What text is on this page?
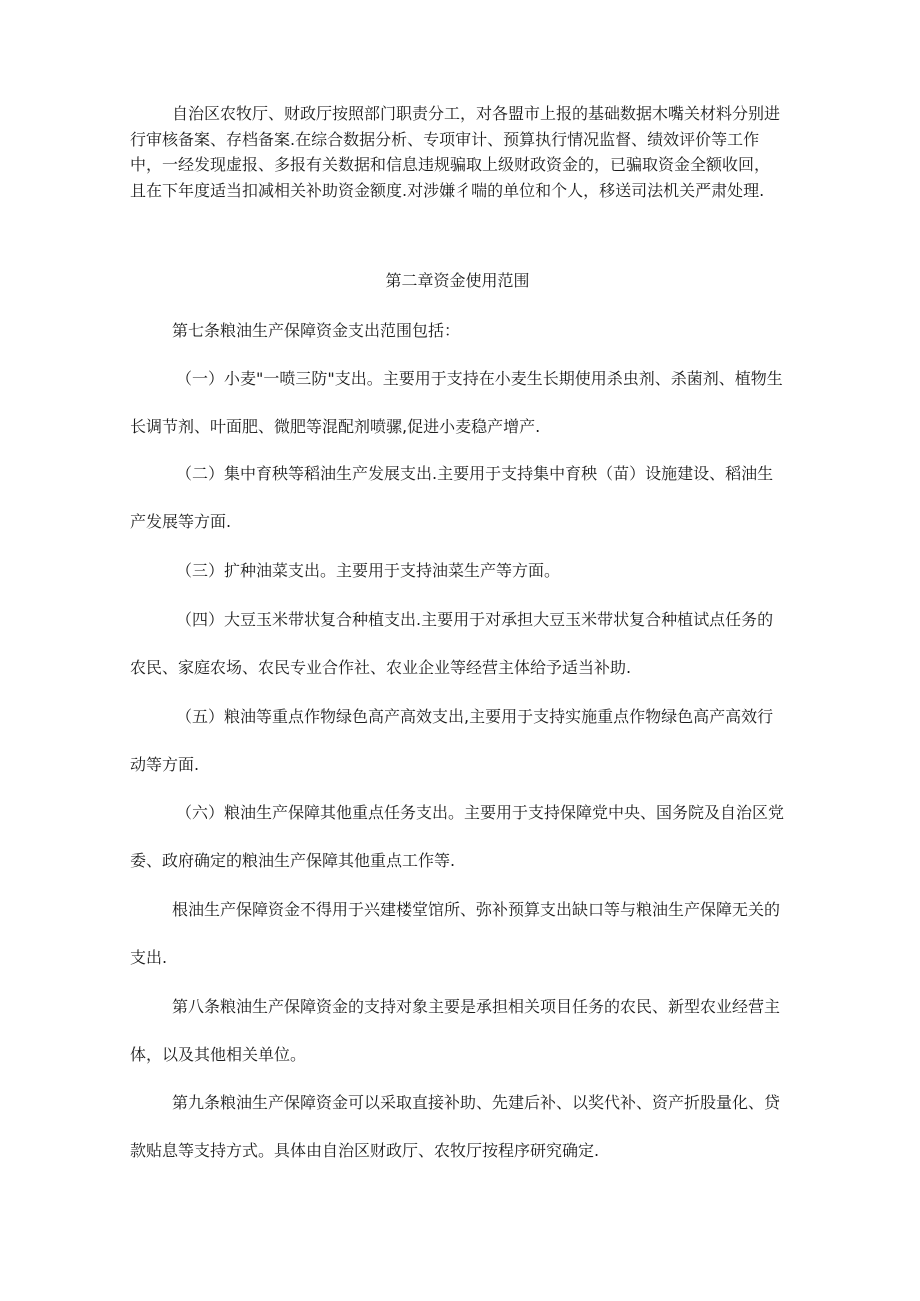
自治区农牧厅、财政厅按照部门职责分工，对各盟市上报的基础数据木嘴关材料分别进行审核备案、存档备案.在综合数据分析、专项审计、预算执行情况监督、绩效评价等工作中，一经发现虚报、多报有关数据和信息违规骗取上级财政资金的，已骗取资金全额收回，且在下年度适当扣减相关补助资金额度.对涉嫌彳喘的单位和个人，移送司法机关严肃处理.

第二章资金使用范围

第七条粮油生产保障资金支出范围包括：

（一）小麦"一喷三防"支出。主要用于支持在小麦生长期使用杀虫剂、杀菌剂、植物生长调节剂、叶面肥、微肥等混配剂喷骡,促进小麦稳产增产.

（二）集中育秧等稻油生产发展支出.主要用于支持集中育秧（苗）设施建设、稻油生产发展等方面.

（三）扩种油菜支出。主要用于支持油菜生产等方面。

（四）大豆玉米带状复合种植支出.主要用于对承担大豆玉米带状复合种植试点任务的农民、家庭农场、农民专业合作社、农业企业等经营主体给予适当补助.

（五）粮油等重点作物绿色高产高效支出,主要用于支持实施重点作物绿色高产高效行动等方面.

（六）粮油生产保障其他重点任务支出。主要用于支持保障党中央、国务院及自治区党委、政府确定的粮油生产保障其他重点工作等.

根油生产保障资金不得用于兴建楼堂馆所、弥补预算支出缺口等与粮油生产保障无关的支出.

第八条粮油生产保障资金的支持对象主要是承担相关项目任务的农民、新型农业经营主体，以及其他相关单位。

第九条粮油生产保障资金可以采取直接补助、先建后补、以奖代补、资产折股量化、贷款贴息等支持方式。具体由自治区财政厅、农牧厅按程序研究确定.
